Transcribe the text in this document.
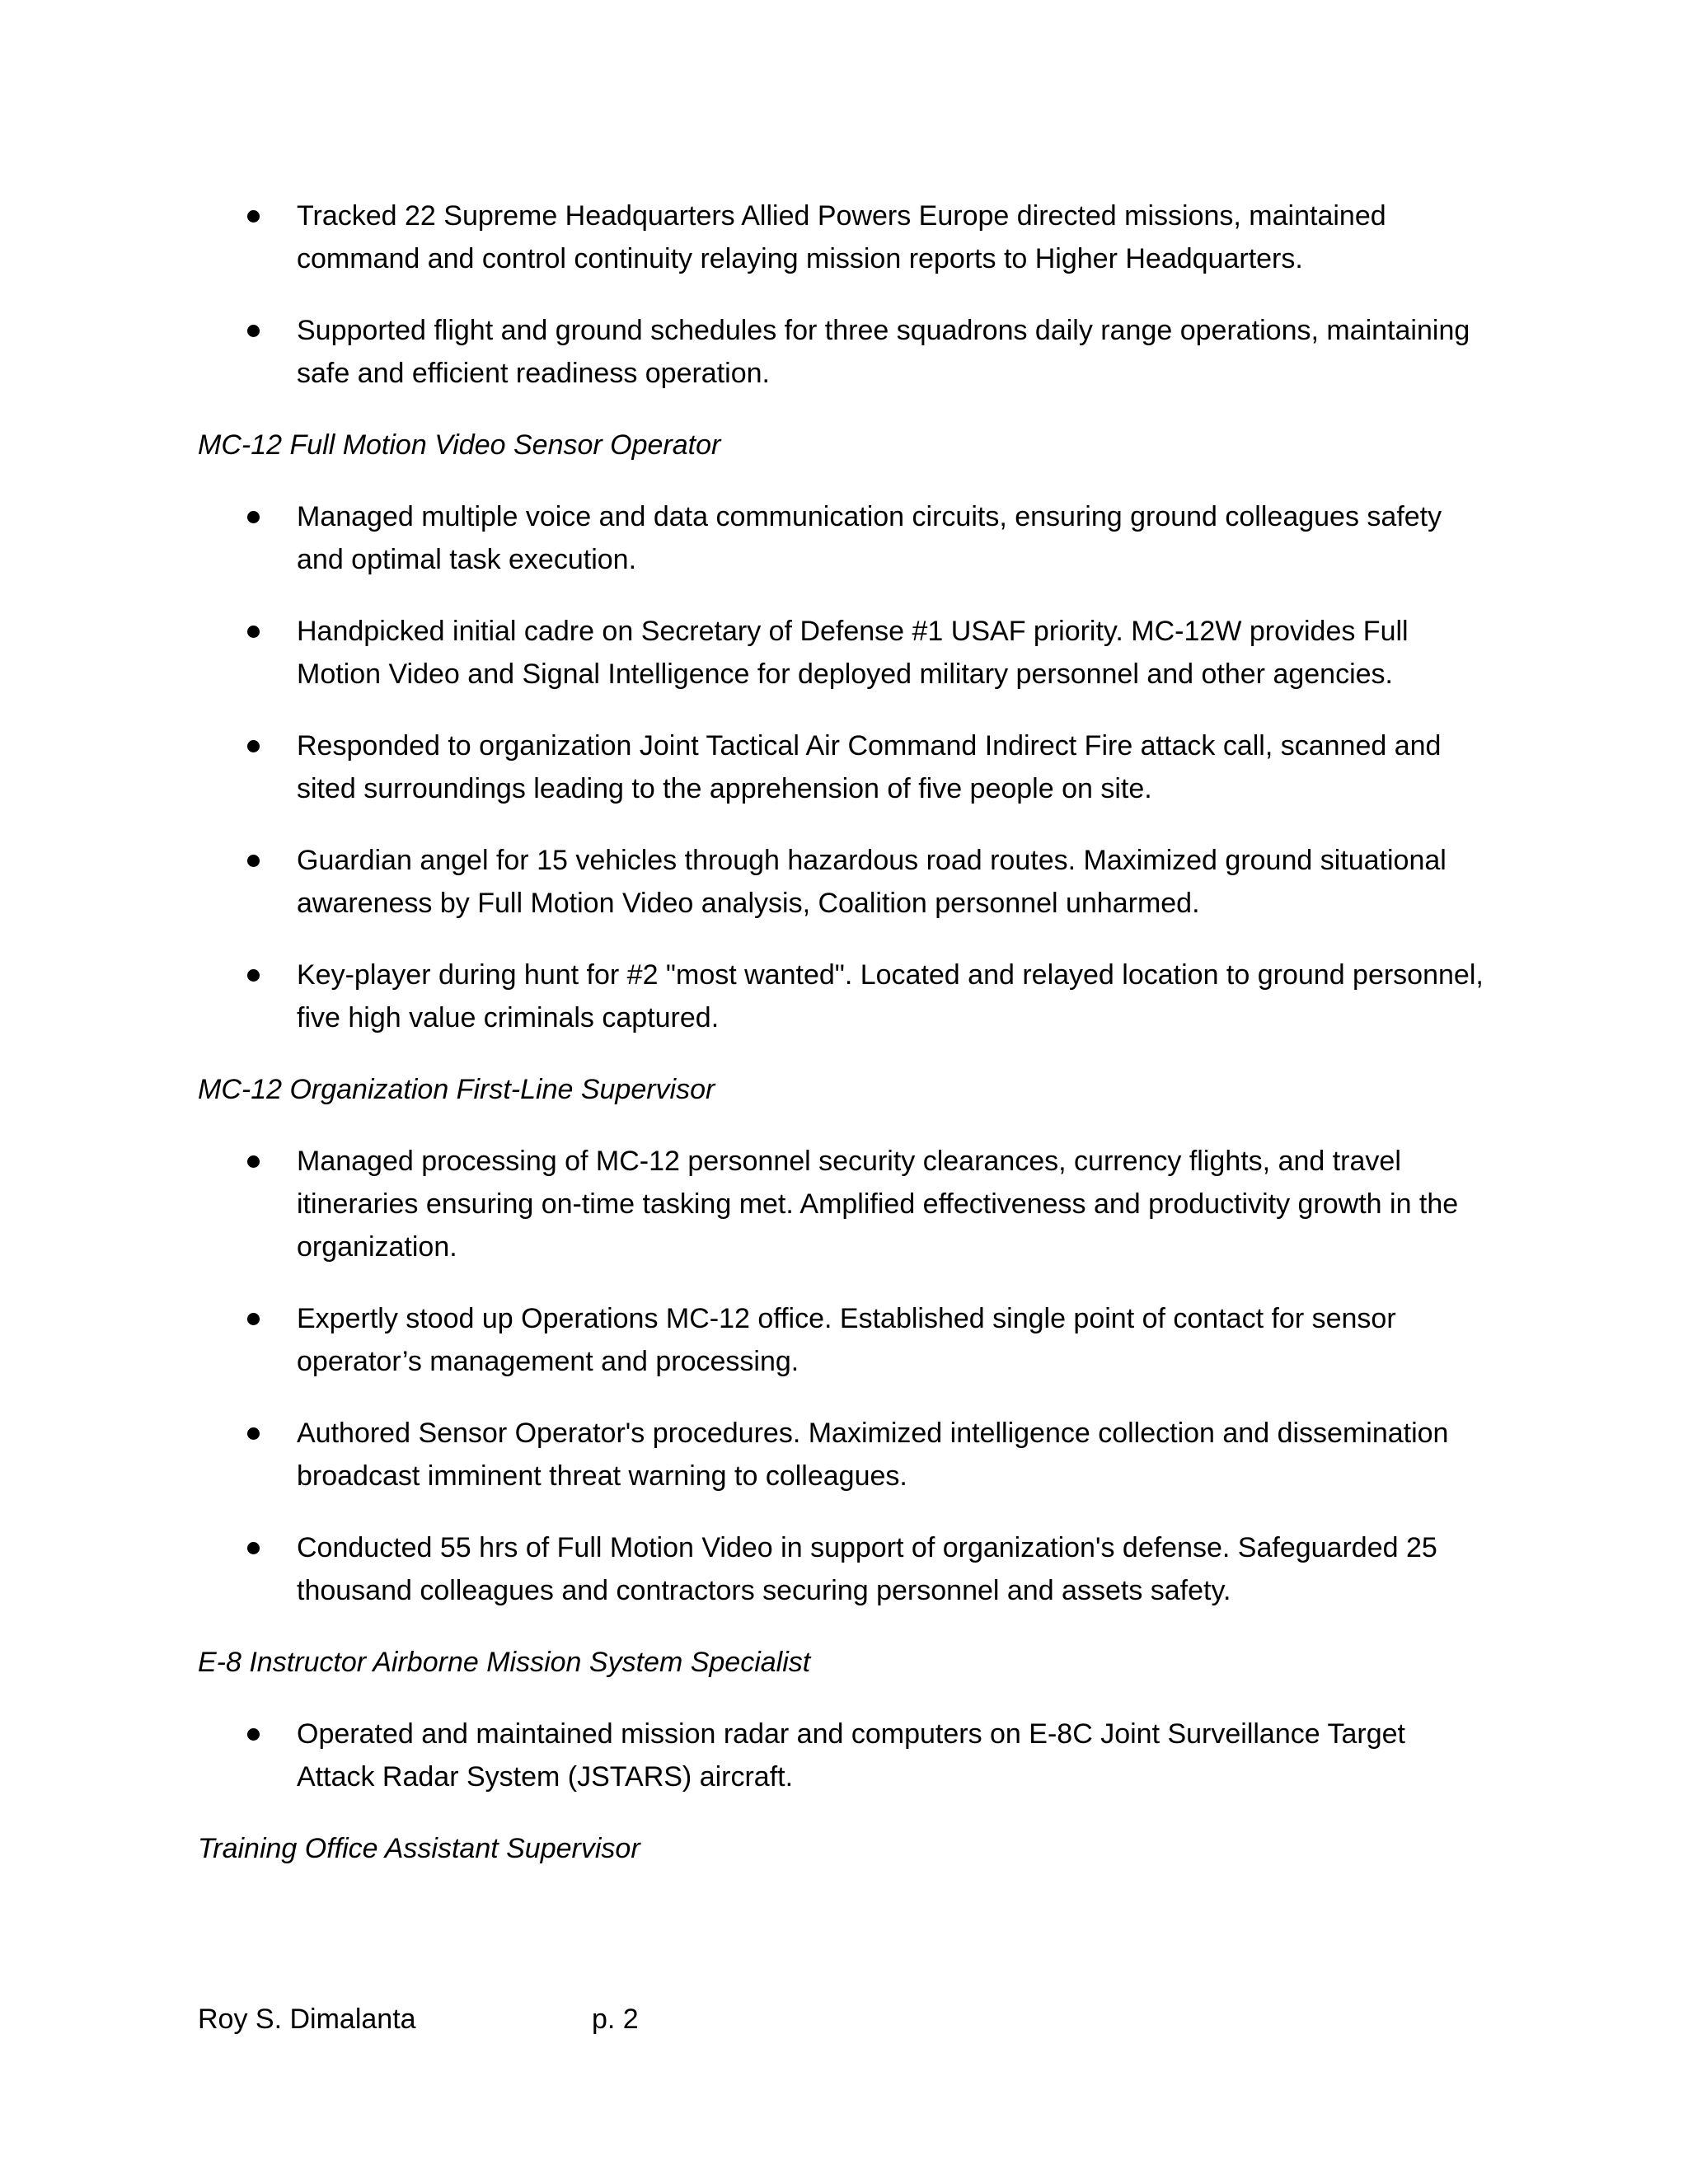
Tracked 22 Supreme Headquarters Allied Powers Europe directed missions, maintained command and control continuity relaying mission reports to Higher Headquarters.
Supported flight and ground schedules for three squadrons daily range operations, maintaining safe and efficient readiness operation.
MC-12 Full Motion Video Sensor Operator
Managed multiple voice and data communication circuits, ensuring ground colleagues safety and optimal task execution.
Handpicked initial cadre on Secretary of Defense #1 USAF priority. MC-12W provides Full Motion Video and Signal Intelligence for deployed military personnel and other agencies.
Responded to organization Joint Tactical Air Command Indirect Fire attack call, scanned and sited surroundings leading to the apprehension of five people on site.
Guardian angel for 15 vehicles through hazardous road routes. Maximized ground situational awareness by Full Motion Video analysis, Coalition personnel unharmed.
Key-player during hunt for #2 "most wanted". Located and relayed location to ground personnel, five high value criminals captured.
MC-12 Organization First-Line Supervisor
Managed processing of MC-12 personnel security clearances, currency flights, and travel itineraries ensuring on-time tasking met. Amplified effectiveness and productivity growth in the organization.
Expertly stood up Operations MC-12 office. Established single point of contact for sensor operator’s management and processing.
Authored Sensor Operator's procedures. Maximized intelligence collection and dissemination broadcast imminent threat warning to colleagues.
Conducted 55 hrs of Full Motion Video in support of organization's defense. Safeguarded 25 thousand colleagues and contractors securing personnel and assets safety.
E-8 Instructor Airborne Mission System Specialist
Operated and maintained mission radar and computers on E-8C Joint Surveillance Target Attack Radar System (JSTARS) aircraft.
Training Office Assistant Supervisor
Roy S. Dimalanta	p. 2
